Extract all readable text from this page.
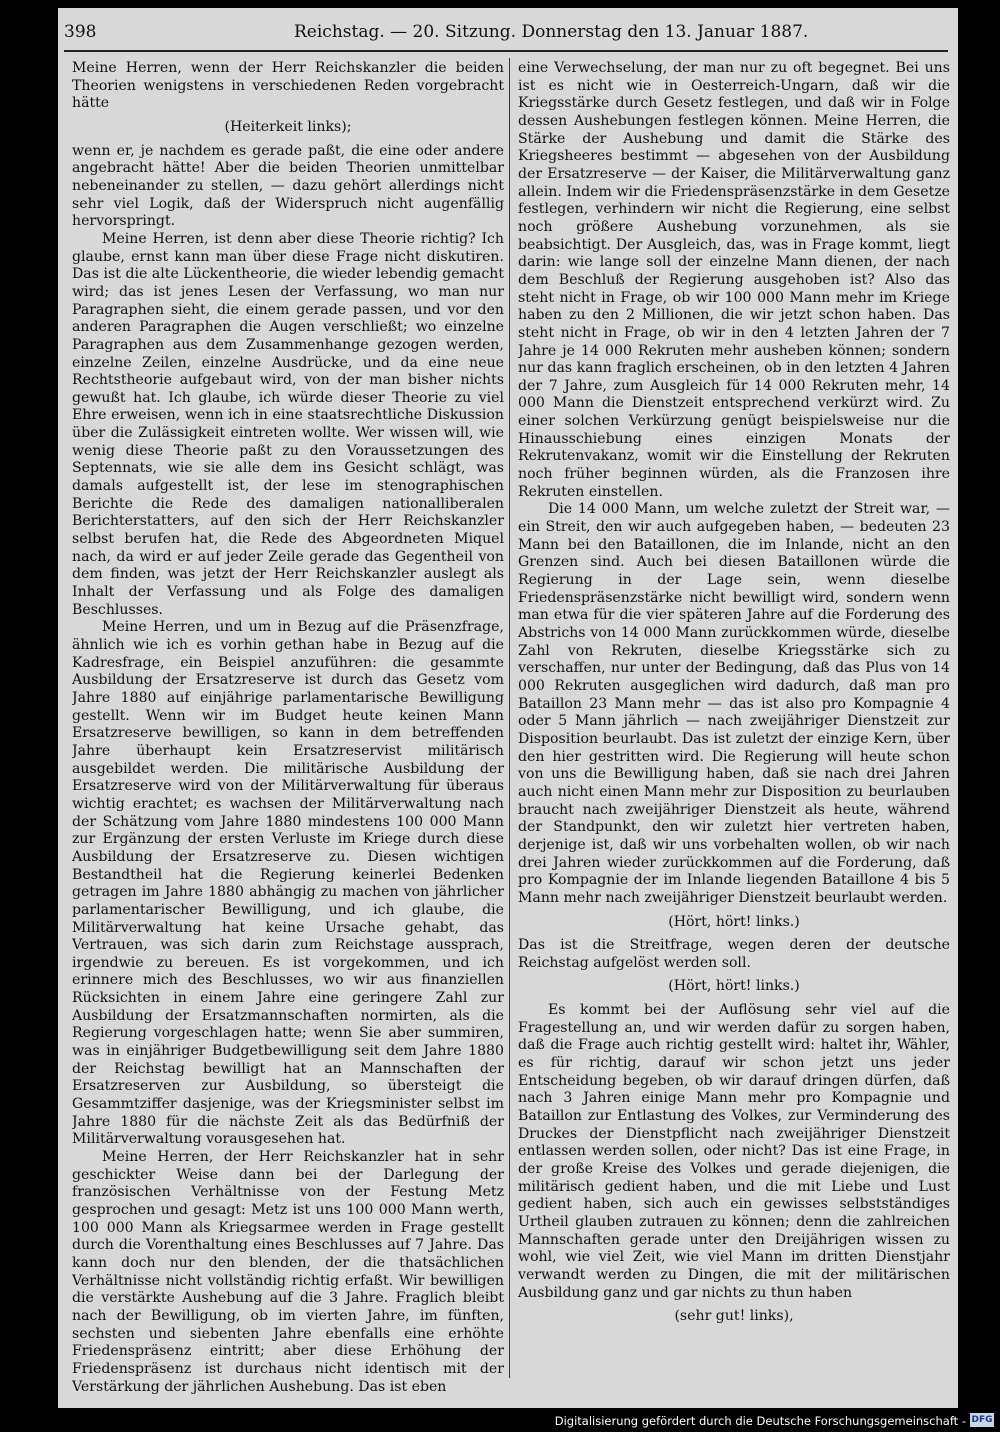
398	Reichstag. — 20. Sitzung. Donnerstag den 13. Januar 1887.

Meine Herren, wenn der Herr Reichskanzler die beiden Theorien wenigstens in verschiedenen Reden vorgebracht hätte

(Heiterkeit links);

wenn er, je nachdem es gerade paßt, die eine oder andere angebracht hätte! Aber die beiden Theorien unmittelbar nebeneinander zu stellen, — dazu gehört allerdings nicht sehr viel Logik, daß der Widerspruch nicht augenfällig hervorspringt.

Meine Herren, ist denn aber diese Theorie richtig? Ich glaube, ernst kann man über diese Frage nicht diskutiren. Das ist die alte Lückentheorie, die wieder lebendig gemacht wird; das ist jenes Lesen der Verfassung, wo man nur Paragraphen sieht, die einem gerade passen, und vor den anderen Paragraphen die Augen verschließt; wo einzelne Paragraphen aus dem Zusammenhange gezogen werden, einzelne Zeilen, einzelne Ausdrücke, und da eine neue Rechtstheorie aufgebaut wird, von der man bisher nichts gewußt hat. Ich glaube, ich würde dieser Theorie zu viel Ehre erweisen, wenn ich in eine staatsrechtliche Diskussion über die Zulässigkeit eintreten wollte. Wer wissen will, wie wenig diese Theorie paßt zu den Voraussetzungen des Septennats, wie sie alle dem ins Gesicht schlägt, was damals aufgestellt ist, der lese im stenographischen Berichte die Rede des damaligen nationalliberalen Berichterstatters, auf den sich der Herr Reichskanzler selbst berufen hat, die Rede des Abgeordneten Miquel nach, da wird er auf jeder Zeile gerade das Gegentheil von dem finden, was jetzt der Herr Reichskanzler auslegt als Inhalt der Verfassung und als Folge des damaligen Beschlusses.

Meine Herren, und um in Bezug auf die Präsenzfrage, ähnlich wie ich es vorhin gethan habe in Bezug auf die Kadresfrage, ein Beispiel anzuführen: die gesammte Ausbildung der Ersatzreserve ist durch das Gesetz vom Jahre 1880 auf einjährige parlamentarische Bewilligung gestellt. Wenn wir im Budget heute keinen Mann Ersatzreserve bewilligen, so kann in dem betreffenden Jahre überhaupt kein Ersatzreservist militärisch ausgebildet werden. Die militärische Ausbildung der Ersatzreserve wird von der Militärverwaltung für überaus wichtig erachtet; es wachsen der Militärverwaltung nach der Schätzung vom Jahre 1880 mindestens 100 000 Mann zur Ergänzung der ersten Verluste im Kriege durch diese Ausbildung der Ersatzreserve zu. Diesen wichtigen Bestandtheil hat die Regierung keinerlei Bedenken getragen im Jahre 1880 abhängig zu machen von jährlicher parlamentarischer Bewilligung, und ich glaube, die Militärverwaltung hat keine Ursache gehabt, das Vertrauen, was sich darin zum Reichstage aussprach, irgendwie zu bereuen. Es ist vorgekommen, und ich erinnere mich des Beschlusses, wo wir aus finanziellen Rücksichten in einem Jahre eine geringere Zahl zur Ausbildung der Ersatzmannschaften normirten, als die Regierung vorgeschlagen hatte; wenn Sie aber summiren, was in einjähriger Budgetbewilligung seit dem Jahre 1880 der Reichstag bewilligt hat an Mannschaften der Ersatzreserven zur Ausbildung, so übersteigt die Gesammtziffer dasjenige, was der Kriegsminister selbst im Jahre 1880 für die nächste Zeit als das Bedürfniß der Militärverwaltung vorausgesehen hat.

Meine Herren, der Herr Reichskanzler hat in sehr geschickter Weise dann bei der Darlegung der französischen Verhältnisse von der Festung Metz gesprochen und gesagt: Metz ist uns 100 000 Mann werth, 100 000 Mann als Kriegsarmee werden in Frage gestellt durch die Vorenthaltung eines Beschlusses auf 7 Jahre. Das kann doch nur den blenden, der die thatsächlichen Verhältnisse nicht vollständig richtig erfaßt. Wir bewilligen die verstärkte Aushebung auf die 3 Jahre. Fraglich bleibt nach der Bewilligung, ob im vierten Jahre, im fünften, sechsten und siebenten Jahre ebenfalls eine erhöhte Friedenspräsenz eintritt; aber diese Erhöhung der Friedenspräsenz ist durchaus nicht identisch mit der Verstärkung der jährlichen Aushebung. Das ist eben

eine Verwechselung, der man nur zu oft begegnet. Bei uns ist es nicht wie in Oesterreich-Ungarn, daß wir die Kriegsstärke durch Gesetz festlegen, und daß wir in Folge dessen Aushebungen festlegen können. Meine Herren, die Stärke der Aushebung und damit die Stärke des Kriegsheeres bestimmt — abgesehen von der Ausbildung der Ersatzreserve — der Kaiser, die Militärverwaltung ganz allein. Indem wir die Friedenspräsenzstärke in dem Gesetze festlegen, verhindern wir nicht die Regierung, eine selbst noch größere Aushebung vorzunehmen, als sie beabsichtigt. Der Ausgleich, das, was in Frage kommt, liegt darin: wie lange soll der einzelne Mann dienen, der nach dem Beschluß der Regierung ausgehoben ist? Also das steht nicht in Frage, ob wir 100 000 Mann mehr im Kriege haben zu den 2 Millionen, die wir jetzt schon haben. Das steht nicht in Frage, ob wir in den 4 letzten Jahren der 7 Jahre je 14 000 Rekruten mehr ausheben können; sondern nur das kann fraglich erscheinen, ob in den letzten 4 Jahren der 7 Jahre, zum Ausgleich für 14 000 Rekruten mehr, 14 000 Mann die Dienstzeit entsprechend verkürzt wird. Zu einer solchen Verkürzung genügt beispielsweise nur die Hinausschiebung eines einzigen Monats der Rekrutenvakanz, womit wir die Einstellung der Rekruten noch früher beginnen würden, als die Franzosen ihre Rekruten einstellen.

Die 14 000 Mann, um welche zuletzt der Streit war, — ein Streit, den wir auch aufgegeben haben, — bedeuten 23 Mann bei den Bataillonen, die im Inlande, nicht an den Grenzen sind. Auch bei diesen Bataillonen würde die Regierung in der Lage sein, wenn dieselbe Friedenspräsenzstärke nicht bewilligt wird, sondern wenn man etwa für die vier späteren Jahre auf die Forderung des Abstrichs von 14 000 Mann zurückkommen würde, dieselbe Zahl von Rekruten, dieselbe Kriegsstärke sich zu verschaffen, nur unter der Bedingung, daß das Plus von 14 000 Rekruten ausgeglichen wird dadurch, daß man pro Bataillon 23 Mann mehr — das ist also pro Kompagnie 4 oder 5 Mann jährlich — nach zweijähriger Dienstzeit zur Disposition beurlaubt. Das ist zuletzt der einzige Kern, über den hier gestritten wird. Die Regierung will heute schon von uns die Bewilligung haben, daß sie nach drei Jahren auch nicht einen Mann mehr zur Disposition zu beurlauben braucht nach zweijähriger Dienstzeit als heute, während der Standpunkt, den wir zuletzt hier vertreten haben, derjenige ist, daß wir uns vorbehalten wollen, ob wir nach drei Jahren wieder zurückkommen auf die Forderung, daß pro Kompagnie der im Inlande liegenden Bataillone 4 bis 5 Mann mehr nach zweijähriger Dienstzeit beurlaubt werden.

(Hört, hört! links.)

Das ist die Streitfrage, wegen deren der deutsche Reichstag aufgelöst werden soll.

(Hört, hört! links.)

Es kommt bei der Auflösung sehr viel auf die Fragestellung an, und wir werden dafür zu sorgen haben, daß die Frage auch richtig gestellt wird: haltet ihr, Wähler, es für richtig, darauf wir schon jetzt uns jeder Entscheidung begeben, ob wir darauf dringen dürfen, daß nach 3 Jahren einige Mann mehr pro Kompagnie und Bataillon zur Entlastung des Volkes, zur Verminderung des Druckes der Dienstpflicht nach zweijähriger Dienstzeit entlassen werden sollen, oder nicht? Das ist eine Frage, in der große Kreise des Volkes und gerade diejenigen, die militärisch gedient haben, und die mit Liebe und Lust gedient haben, sich auch ein gewisses selbstständiges Urtheil glauben zutrauen zu können; denn die zahlreichen Mannschaften gerade unter den Dreijährigen wissen zu wohl, wie viel Zeit, wie viel Mann im dritten Dienstjahr verwandt werden zu Dingen, die mit der militärischen Ausbildung ganz und gar nichts zu thun haben

(sehr gut! links),

Digitalisierung gefördert durch die Deutsche Forschungsgemeinschaft - DFG
